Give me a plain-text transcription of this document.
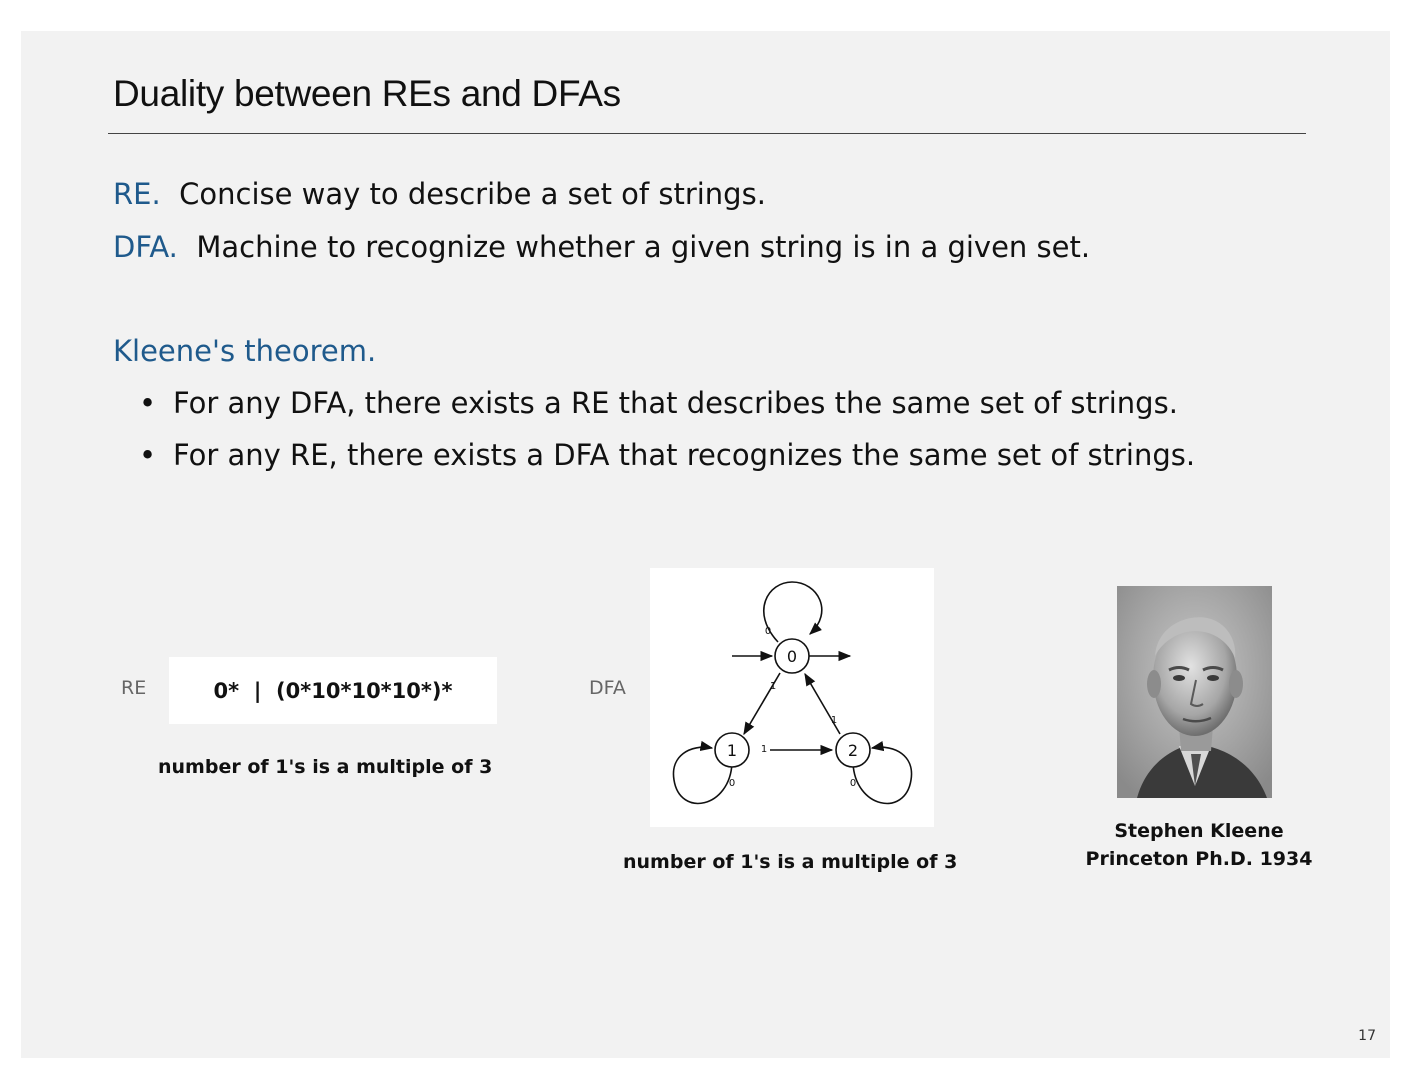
Duality between REs and DFAs
RE. Concise way to describe a set of strings.
DFA. Machine to recognize whether a given string is in a given set.
Kleene's theorem.
• For any DFA, there exists a RE that describes the same set of strings.
• For any RE, there exists a DFA that recognizes the same set of strings.
RE	0*  |  (0*10*10*10*)*
number of 1's is a multiple of 3
DFA
0
1	2
0
1
0
1
0
1
number of 1's is a multiple of 3
Stephen Kleene
Princeton Ph.D. 1934
17
